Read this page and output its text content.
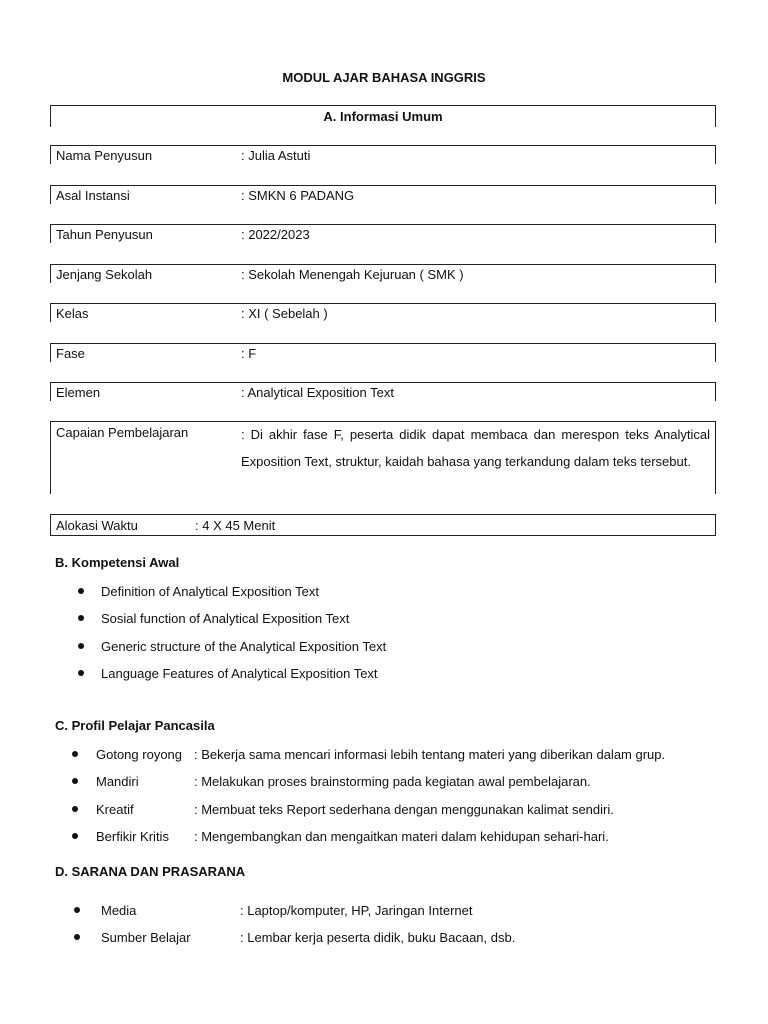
MODUL AJAR BAHASA INGGRIS
A. Informasi Umum
Nama Penyusun	: Julia Astuti
Asal Instansi	: SMKN 6 PADANG
Tahun Penyusun	: 2022/2023
Jenjang Sekolah	: Sekolah Menengah Kejuruan ( SMK )
Kelas	: XI ( Sebelah )
Fase	: F
Elemen	: Analytical Exposition Text
Capaian Pembelajaran	: Di akhir fase F, peserta didik dapat membaca dan merespon teks Analytical Exposition Text, struktur, kaidah bahasa yang terkandung dalam teks tersebut.
Alokasi Waktu	: 4 X 45 Menit
B. Kompetensi Awal
Definition of Analytical Exposition Text
Sosial function of Analytical Exposition Text
Generic structure of the Analytical Exposition Text
Language Features of Analytical Exposition Text
C. Profil Pelajar Pancasila
Gotong royong : Bekerja sama mencari informasi lebih tentang materi yang diberikan dalam grup.
Mandiri	: Melakukan proses brainstorming pada kegiatan awal pembelajaran.
Kreatif	: Membuat teks Report sederhana dengan menggunakan kalimat sendiri.
Berfikir Kritis : Mengembangkan dan mengaitkan materi dalam kehidupan sehari-hari.
D. SARANA DAN PRASARANA
Media	: Laptop/komputer, HP, Jaringan Internet
Sumber Belajar	: Lembar kerja peserta didik, buku Bacaan, dsb.
